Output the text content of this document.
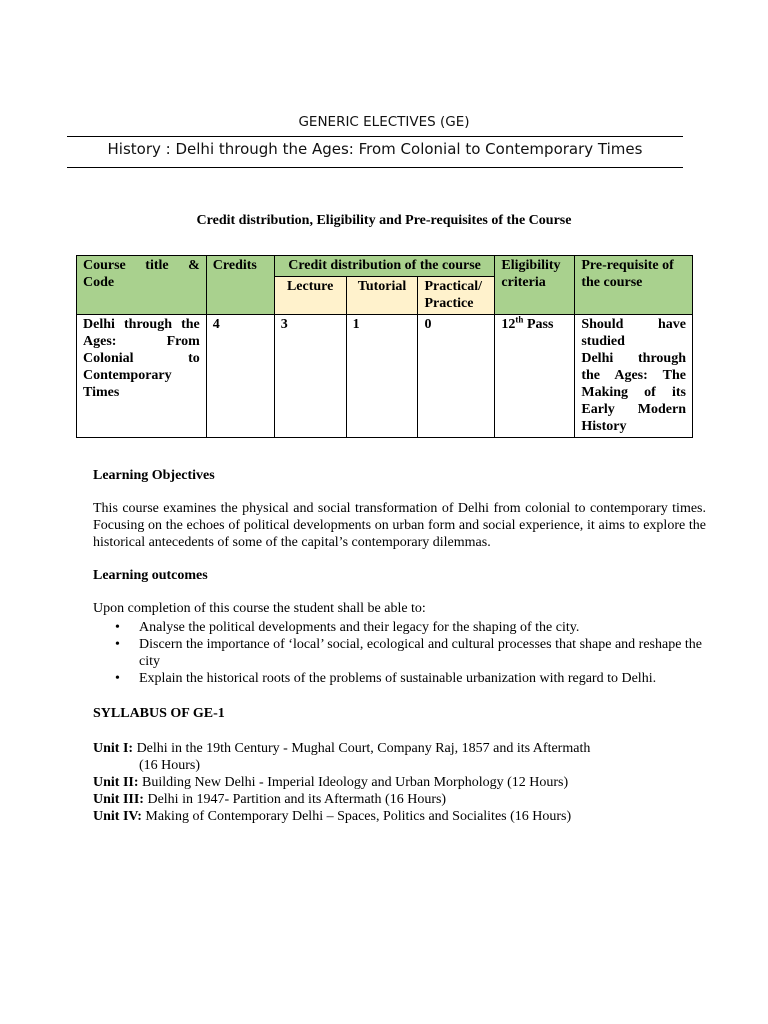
GENERIC ELECTIVES (GE)
History : Delhi through the Ages: From Colonial to Contemporary Times
Credit distribution, Eligibility and Pre-requisites of the Course
Course title & Code	Credits	Credit distribution of the course			Eligibility criteria	Pre-requisite of the course
		Lecture	Tutorial	Practical/ Practice		
Delhi through the Ages: From Colonial to Contemporary Times	4	3	1	0	12th Pass	Should have studied
Delhi through the Ages: The Making of its Early Modern History
Learning Objectives

This course examines the physical and social transformation of Delhi from colonial to contemporary times. Focusing on the echoes of political developments on urban form and social experience, it aims to explore the historical antecedents of some of the capital’s contemporary dilemmas.

Learning outcomes

Upon completion of this course the student shall be able to:

• Analyse the political developments and their legacy for the shaping of the city.
• Discern the importance of ‘local’ social, ecological and cultural processes that shape and reshape the city
• Explain the historical roots of the problems of sustainable urbanization with regard to Delhi.
SYLLABUS OF GE-1

Unit I: Delhi in the 19th Century - Mughal Court, Company Raj, 1857 and its Aftermath

(16 Hours)

Unit II: Building New Delhi - Imperial Ideology and Urban Morphology (12 Hours)

Unit III: Delhi in 1947- Partition and its Aftermath (16 Hours)

Unit IV: Making of Contemporary Delhi – Spaces, Politics and Socialites (16 Hours)
